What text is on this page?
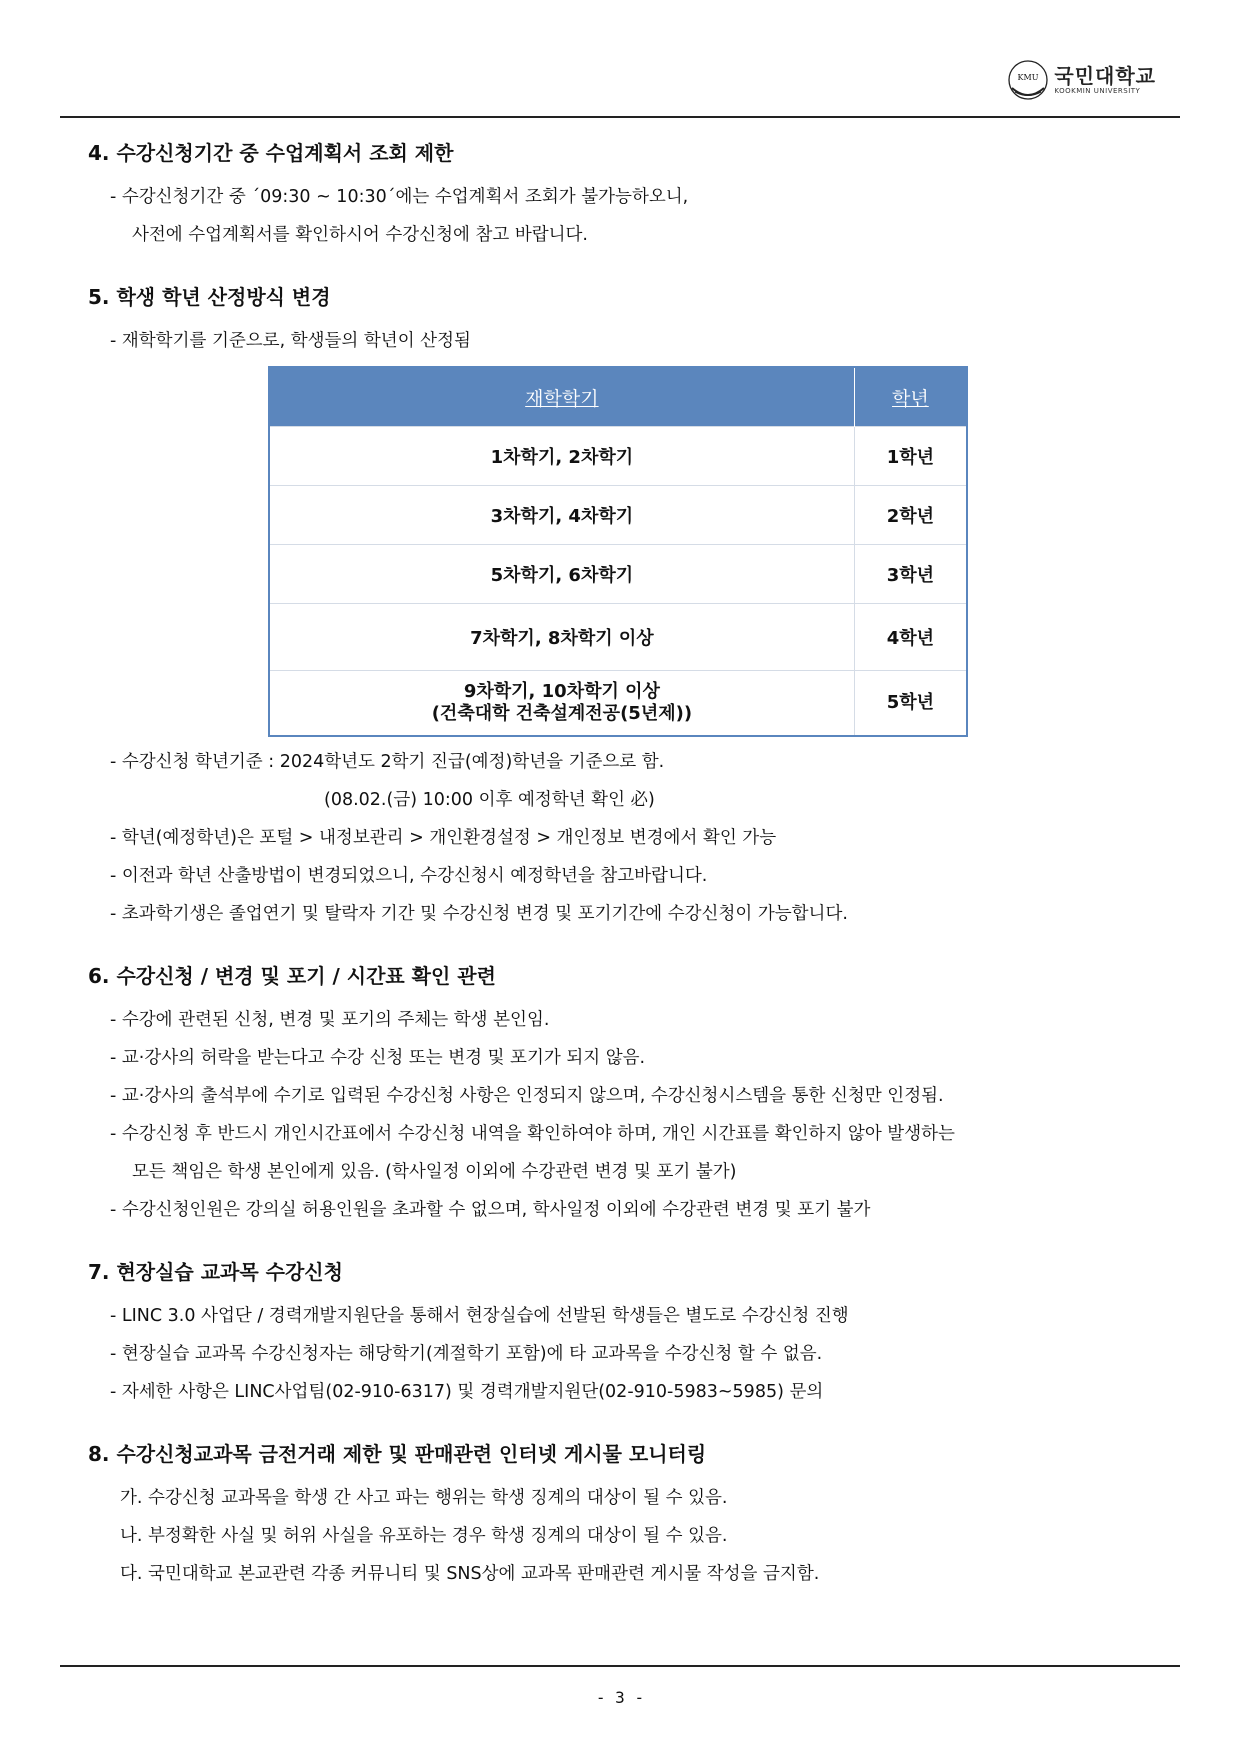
KMU 국민대학교
KOOKMIN UNIVERSITY
4. 수강신청기간 중 수업계획서 조회 제한
- 수강신청기간 중 ´09:30 ~ 10:30´에는 수업계획서 조회가 불가능하오니,
사전에 수업계획서를 확인하시어 수강신청에 참고 바랍니다.
5. 학생 학년 산정방식 변경
- 재학학기를 기준으로, 학생들의 학년이 산정됨
재학학기	학년
1차학기, 2차학기	1학년
3차학기, 4차학기	2학년
5차학기, 6차학기	3학년
7차학기, 8차학기 이상	4학년

9차학기, 10차학기 이상
(건축대학 건축설계전공(5년제))	5학년
- 수강신청 학년기준 : 2024학년도 2학기 진급(예정)학년을 기준으로 함.
(08.02.(금) 10:00 이후 예정학년 확인 必)
- 학년(예정학년)은 포털 > 내정보관리 > 개인환경설정 > 개인정보 변경에서 확인 가능
- 이전과 학년 산출방법이 변경되었으니, 수강신청시 예정학년을 참고바랍니다.
- 초과학기생은 졸업연기 및 탈락자 기간 및 수강신청 변경 및 포기기간에 수강신청이 가능합니다.
6. 수강신청 / 변경 및 포기 / 시간표 확인 관련
- 수강에 관련된 신청, 변경 및 포기의 주체는 학생 본인임.
- 교·강사의 허락을 받는다고 수강 신청 또는 변경 및 포기가 되지 않음.
- 교·강사의 출석부에 수기로 입력된 수강신청 사항은 인정되지 않으며, 수강신청시스템을 통한 신청만 인정됨.
- 수강신청 후 반드시 개인시간표에서 수강신청 내역을 확인하여야 하며, 개인 시간표를 확인하지 않아 발생하는
모든 책임은 학생 본인에게 있음. (학사일정 이외에 수강관련 변경 및 포기 불가)
- 수강신청인원은 강의실 허용인원을 초과할 수 없으며, 학사일정 이외에 수강관련 변경 및 포기 불가
7. 현장실습 교과목 수강신청
- LINC 3.0 사업단 / 경력개발지원단을 통해서 현장실습에 선발된 학생들은 별도로 수강신청 진행
- 현장실습 교과목 수강신청자는 해당학기(계절학기 포함)에 타 교과목을 수강신청 할 수 없음.
- 자세한 사항은 LINC사업팀(02-910-6317) 및 경력개발지원단(02-910-5983~5985) 문의
8. 수강신청교과목 금전거래 제한 및 판매관련 인터넷 게시물 모니터링
가. 수강신청 교과목을 학생 간 사고 파는 행위는 학생 징계의 대상이 될 수 있음.
나. 부정확한 사실 및 허위 사실을 유포하는 경우 학생 징계의 대상이 될 수 있음.
다. 국민대학교 본교관련 각종 커뮤니티 및 SNS상에 교과목 판매관련 게시물 작성을 금지함.
- 3 -
